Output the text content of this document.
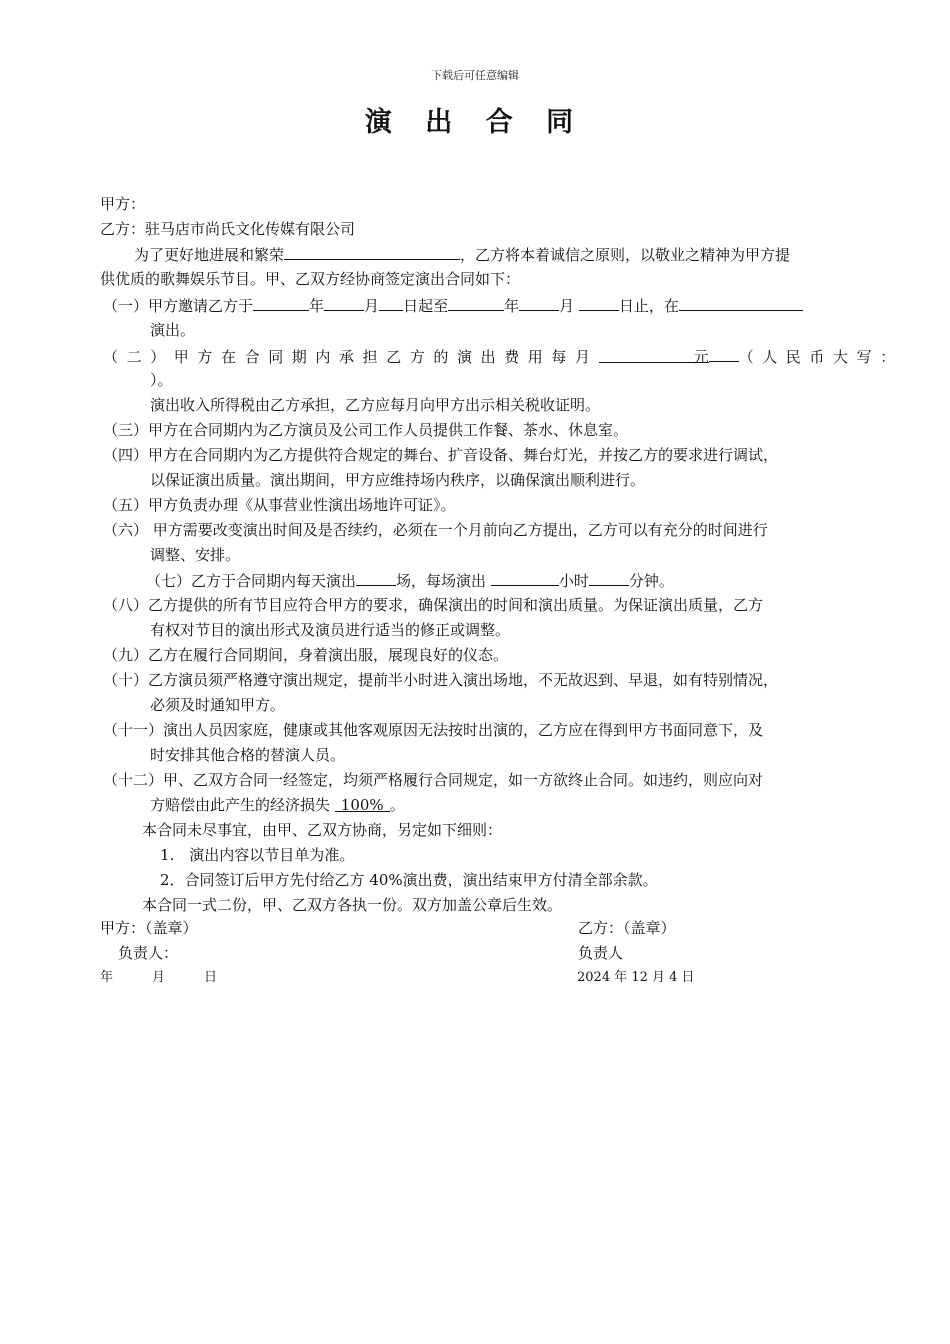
下载后可任意编辑
演 出 合 同
甲方：
乙方：驻马店市尚氏文化传媒有限公司
为了更好地进展和繁荣	，乙方将本着诚信之原则，以敬业之精神为甲方提
供优质的歌舞娱乐节目。甲、乙双方经协商签定演出合同如下：
（一）甲方邀请乙方于	年	月 日起至	年	月	日止，在
演出。
（二）甲方在合同期内承担乙方的演出费用每月	元 （人民币大写：
）。
演出收入所得税由乙方承担，乙方应每月向甲方出示相关税收证明。
（三）甲方在合同期内为乙方演员及公司工作人员提供工作餐、茶水、休息室。
（四）甲方在合同期内为乙方提供符合规定的舞台、扩音设备、舞台灯光，并按乙方的要求进行调试，
以保证演出质量。演出期间，甲方应维持场内秩序，以确保演出顺利进行。
（五）甲方负责办理《从事营业性演出场地许可证》。
（六） 甲方需要改变演出时间及是否续约，必须在一个月前向乙方提出，乙方可以有充分的时间进行
调整、安排。
（七）乙方于合同期内每天演出	场，每场演出	小时	分钟。
（八）乙方提供的所有节目应符合甲方的要求，确保演出的时间和演出质量。为保证演出质量，乙方
有权对节目的演出形式及演员进行适当的修正或调整。
（九）乙方在履行合同期间，身着演出服，展现良好的仪态。
（十）乙方演员须严格遵守演出规定，提前半小时进入演出场地，不无故迟到、早退，如有特别情况，
必须及时通知甲方。
（十一）演出人员因家庭，健康或其他客观原因无法按时出演的，乙方应在得到甲方书面同意下，及
时安排其他合格的替演人员。
（十二）甲、乙双方合同一经签定，均须严格履行合同规定，如一方欲终止合同。如违约，则应向对
方赔偿由此产生的经济损失 100% 。
本合同未尽事宜，由甲、乙双方协商，另定如下细则：
1.　演出内容以节目单为准。
2．合同签订后甲方先付给乙方 40%演出费，演出结束甲方付清全部余款。
本合同一式二份，甲、乙双方各执一份。双方加盖公章后生效。
甲方：（盖章）	乙方：（盖章）
负责人：	负责人
年　　　月　　　日	2024 年 12 月 4 日
